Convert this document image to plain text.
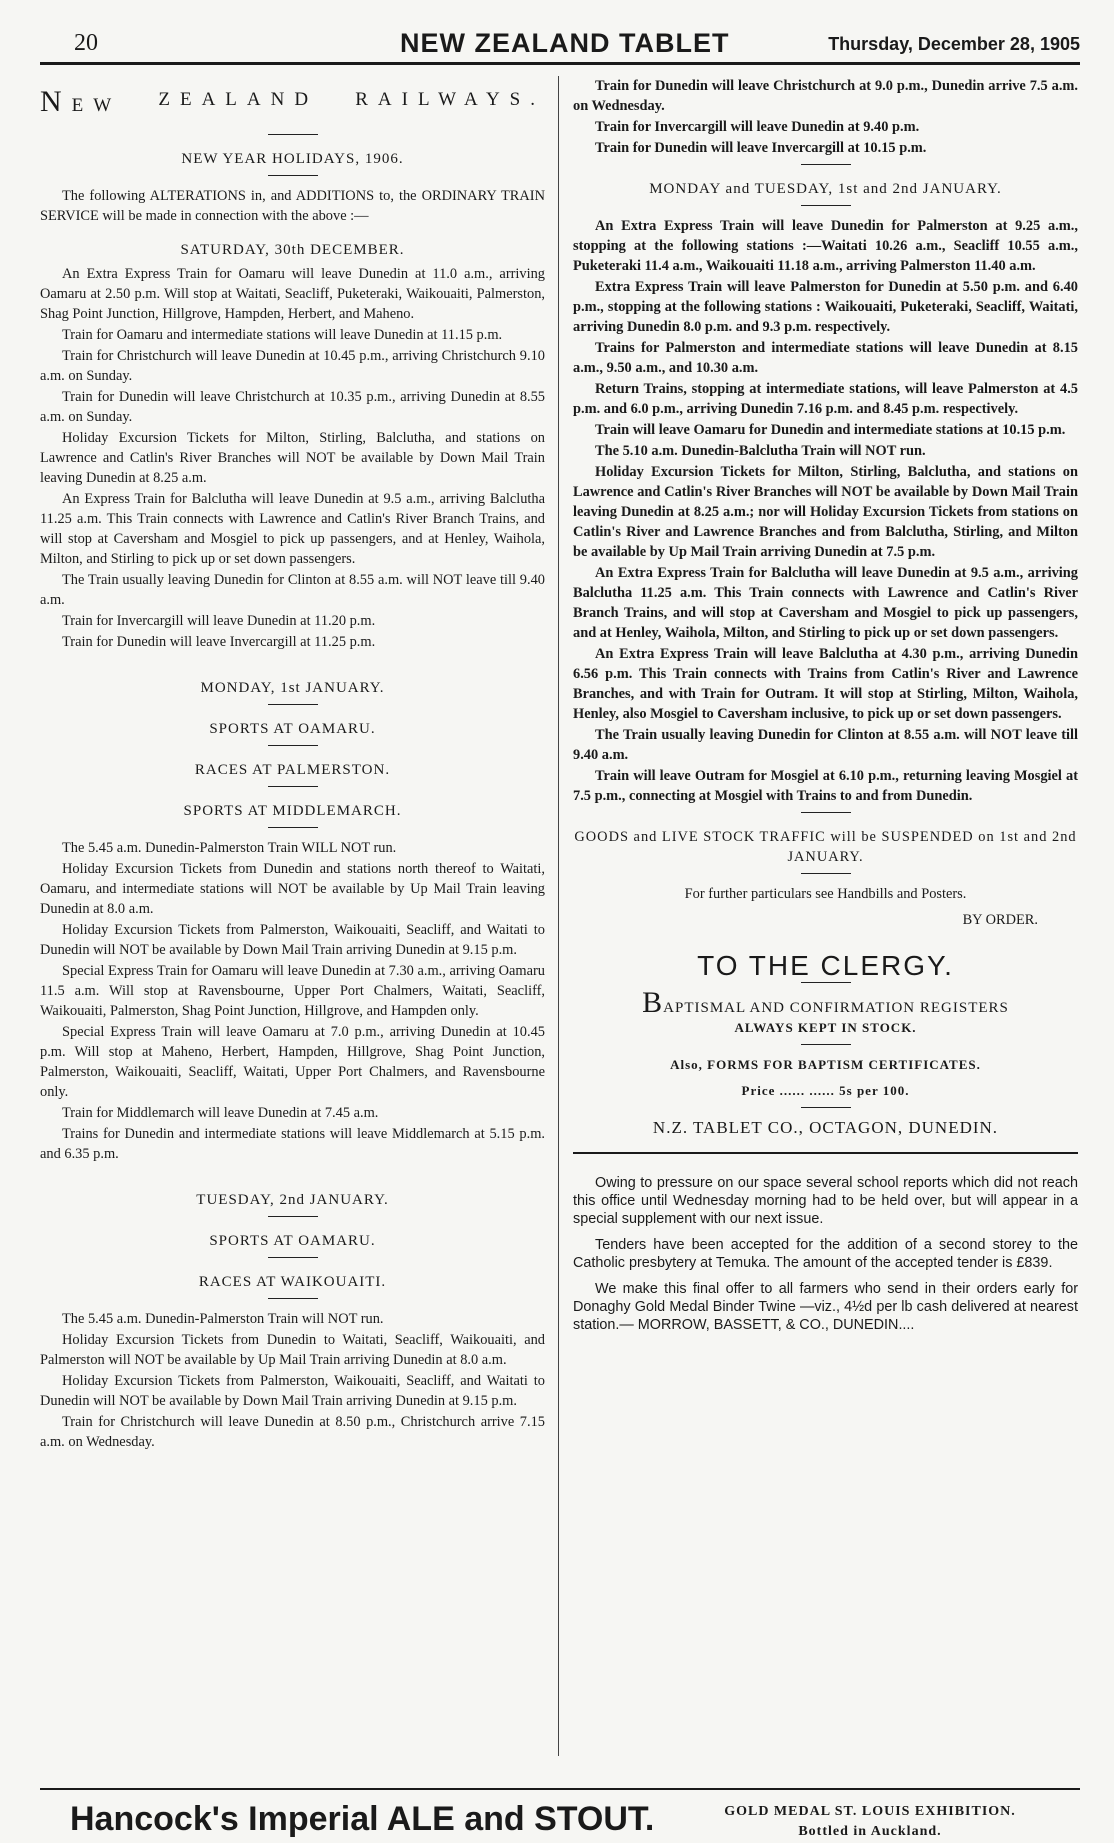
20	NEW ZEALAND TABLET	Thursday, December 28, 1905
NEW ZEALAND RAILWAYS.
NEW YEAR HOLIDAYS, 1906.

The following ALTERATIONS in, and ADDITIONS to, the ORDINARY TRAIN SERVICE will be made in connection with the above :—

SATURDAY, 30th DECEMBER.

An Extra Express Train for Oamaru will leave Dunedin at 11.0 a.m., arriving Oamaru at 2.50 p.m. Will stop at Waitati, Seacliff, Puketeraki, Waikouaiti, Palmerston, Shag Point Junction, Hillgrove, Hampden, Herbert, and Maheno.

Train for Oamaru and intermediate stations will leave Dunedin at 11.15 p.m.

Train for Christchurch will leave Dunedin at 10.45 p.m., arriving Christchurch 9.10 a.m. on Sunday.

Train for Dunedin will leave Christchurch at 10.35 p.m., arriving Dunedin at 8.55 a.m. on Sunday.

Holiday Excursion Tickets for Milton, Stirling, Balclutha, and stations on Lawrence and Catlin's River Branches will NOT be available by Down Mail Train leaving Dunedin at 8.25 a.m.

An Express Train for Balclutha will leave Dunedin at 9.5 a.m., arriving Balclutha 11.25 a.m. This Train connects with Lawrence and Catlin's River Branch Trains, and will stop at Caversham and Mosgiel to pick up passengers, and at Henley, Waihola, Milton, and Stirling to pick up or set down passengers.

The Train usually leaving Dunedin for Clinton at 8.55 a.m. will NOT leave till 9.40 a.m.

Train for Invercargill will leave Dunedin at 11.20 p.m.

Train for Dunedin will leave Invercargill at 11.25 p.m.

MONDAY, 1st JANUARY.
SPORTS AT OAMARU.
RACES AT PALMERSTON.
SPORTS AT MIDDLEMARCH.

The 5.45 a.m. Dunedin-Palmerston Train WILL NOT run.

Holiday Excursion Tickets from Dunedin and stations north thereof to Waitati, Oamaru, and intermediate stations will NOT be available by Up Mail Train leaving Dunedin at 8.0 a.m.

Holiday Excursion Tickets from Palmerston, Waikouaiti, Seacliff, and Waitati to Dunedin will NOT be available by Down Mail Train arriving Dunedin at 9.15 p.m.

Special Express Train for Oamaru will leave Dunedin at 7.30 a.m., arriving Oamaru 11.5 a.m. Will stop at Ravensbourne, Upper Port Chalmers, Waitati, Seacliff, Waikouaiti, Palmerston, Shag Point Junction, Hillgrove, and Hampden only.

Special Express Train will leave Oamaru at 7.0 p.m., arriving Dunedin at 10.45 p.m. Will stop at Maheno, Herbert, Hampden, Hillgrove, Shag Point Junction, Palmerston, Waikouaiti, Seacliff, Waitati, Upper Port Chalmers, and Ravensbourne only.

Train for Middlemarch will leave Dunedin at 7.45 a.m.

Trains for Dunedin and intermediate stations will leave Middlemarch at 5.15 p.m. and 6.35 p.m.

TUESDAY, 2nd JANUARY.
SPORTS AT OAMARU.
RACES AT WAIKOUAITI.

The 5.45 a.m. Dunedin-Palmerston Train will NOT run.

Holiday Excursion Tickets from Dunedin to Waitati, Seacliff, Waikouaiti, and Palmerston will NOT be available by Up Mail Train arriving Dunedin at 8.0 a.m.

Holiday Excursion Tickets from Palmerston, Waikouaiti, Seacliff, and Waitati to Dunedin will NOT be available by Down Mail Train arriving Dunedin at 9.15 p.m.

Train for Christchurch will leave Dunedin at 8.50 p.m., Christchurch arrive 7.15 a.m. on Wednesday.

Train for Dunedin will leave Christchurch at 9.0 p.m., Dunedin arrive 7.5 a.m. on Wednesday.

Train for Invercargill will leave Dunedin at 9.40 p.m.

Train for Dunedin will leave Invercargill at 10.15 p.m.

MONDAY and TUESDAY, 1st and 2nd JANUARY.

An Extra Express Train will leave Dunedin for Palmerston at 9.25 a.m., stopping at the following stations :—Waitati 10.26 a.m., Seacliff 10.55 a.m., Puketeraki 11.4 a.m., Waikouaiti 11.18 a.m., arriving Palmerston 11.40 a.m.

Extra Express Train will leave Palmerston for Dunedin at 5.50 p.m. and 6.40 p.m., stopping at the following stations : Waikouaiti, Puketeraki, Seacliff, Waitati, arriving Dunedin 8.0 p.m. and 9.3 p.m. respectively.

Trains for Palmerston and intermediate stations will leave Dunedin at 8.15 a.m., 9.50 a.m., and 10.30 a.m.

Return Trains, stopping at intermediate stations, will leave Palmerston at 4.5 p.m. and 6.0 p.m., arriving Dunedin 7.16 p.m. and 8.45 p.m. respectively.

Train will leave Oamaru for Dunedin and intermediate stations at 10.15 p.m.

The 5.10 a.m. Dunedin-Balclutha Train will NOT run.

Holiday Excursion Tickets for Milton, Stirling, Balclutha, and stations on Lawrence and Catlin's River Branches will NOT be available by Down Mail Train leaving Dunedin at 8.25 a.m.; nor will Holiday Excursion Tickets from stations on Catlin's River and Lawrence Branches and from Balclutha, Stirling, and Milton be available by Up Mail Train arriving Dunedin at 7.5 p.m.

An Extra Express Train for Balclutha will leave Dunedin at 9.5 a.m., arriving Balclutha 11.25 a.m. This Train connects with Lawrence and Catlin's River Branch Trains, and will stop at Caversham and Mosgiel to pick up passengers, and at Henley, Waihola, Milton, and Stirling to pick up or set down passengers.

An Extra Express Train will leave Balclutha at 4.30 p.m., arriving Dunedin 6.56 p.m. This Train connects with Trains from Catlin's River and Lawrence Branches, and with Train for Outram. It will stop at Stirling, Milton, Waihola, Henley, also Mosgiel to Caversham inclusive, to pick up or set down passengers.

The Train usually leaving Dunedin for Clinton at 8.55 a.m. will NOT leave till 9.40 a.m.

Train will leave Outram for Mosgiel at 6.10 p.m., returning leaving Mosgiel at 7.5 p.m., connecting at Mosgiel with Trains to and from Dunedin.

GOODS and LIVE STOCK TRAFFIC will be SUSPENDED on 1st and 2nd JANUARY.
For further particulars see Handbills and Posters.
BY ORDER.
TO THE CLERGY.
BAPTISMAL AND CONFIRMATION REGISTERS
ALWAYS KEPT IN STOCK.
Also, FORMS FOR BAPTISM CERTIFICATES.
Price ...... ...... 5s per 100.
N.Z. TABLET CO., OCTAGON, DUNEDIN.

Owing to pressure on our space several school reports which did not reach this office until Wednesday morning had to be held over, but will appear in a special supplement with our next issue.

Tenders have been accepted for the addition of a second storey to the Catholic presbytery at Temuka. The amount of the accepted tender is £839.

We make this final offer to all farmers who send in their orders early for Donaghy Gold Medal Binder Twine —viz., 4½d per lb cash delivered at nearest station.— MORROW, BASSETT, & CO., DUNEDIN....

Hancock's Imperial ALE and STOUT.	GOLD MEDAL ST. LOUIS EXHIBITION.
Bottled in Auckland.
